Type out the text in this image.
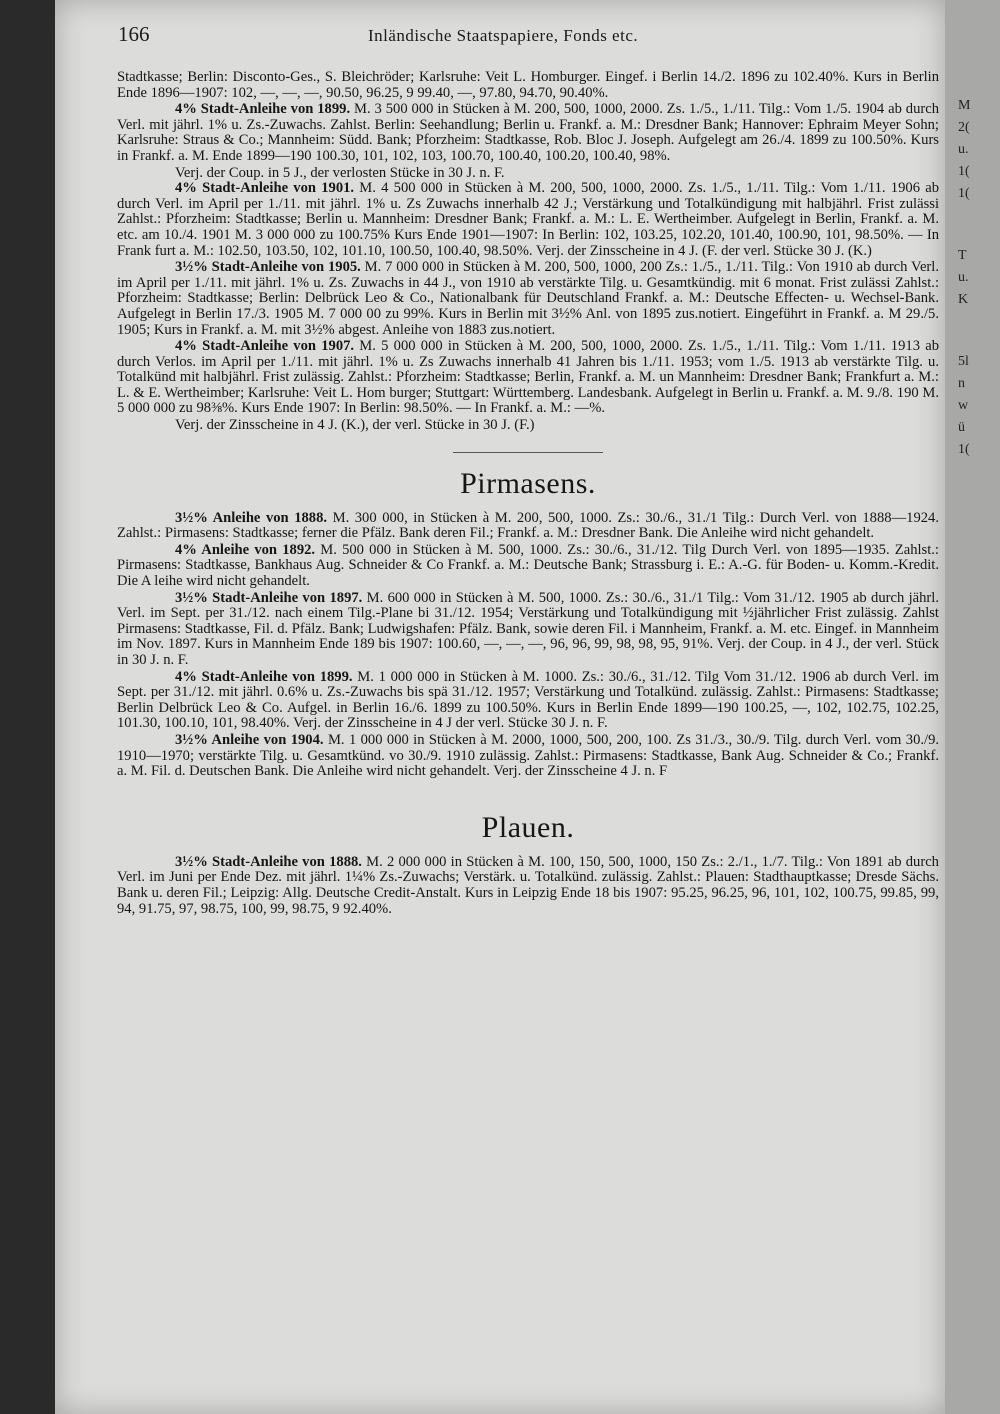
166	Inländische Staatspapiere, Fonds etc.

Stadtkasse; Berlin: Disconto-Ges., S. Bleichröder; Karlsruhe: Veit L. Homburger. Eingef. i Berlin 14./2. 1896 zu 102.40%. Kurs in Berlin Ende 1896—1907: 102, —, —, —, 90.50, 96.25, 9 99.40, —, 97.80, 94.70, 90.40%.

4% Stadt-Anleihe von 1899. M. 3 500 000 in Stücken à M. 200, 500, 1000, 2000. Zs. 1./5., 1./11. Tilg.: Vom 1./5. 1904 ab durch Verl. mit jährl. 1% u. Zs.-Zuwachs. Zahlst. Berlin: Seehandlung; Berlin u. Frankf. a. M.: Dresdner Bank; Hannover: Ephraim Meyer Sohn; Karlsruhe: Straus & Co.; Mannheim: Südd. Bank; Pforzheim: Stadtkasse, Rob. Bloc J. Joseph. Aufgelegt am 26./4. 1899 zu 100.50%. Kurs in Frankf. a. M. Ende 1899—190 100.30, 101, 102, 103, 100.70, 100.40, 100.20, 100.40, 98%.

Verj. der Coup. in 5 J., der verlosten Stücke in 30 J. n. F.

4% Stadt-Anleihe von 1901. M. 4 500 000 in Stücken à M. 200, 500, 1000, 2000. Zs. 1./5., 1./11. Tilg.: Vom 1./11. 1906 ab durch Verl. im April per 1./11. mit jährl. 1% u. Zs Zuwachs innerhalb 42 J.; Verstärkung und Totalkündigung mit halbjährl. Frist zulässi Zahlst.: Pforzheim: Stadtkasse; Berlin u. Mannheim: Dresdner Bank; Frankf. a. M.: L. E. Wertheimber. Aufgelegt in Berlin, Frankf. a. M. etc. am 10./4. 1901 M. 3 000 000 zu 100.75% Kurs Ende 1901—1907: In Berlin: 102, 103.25, 102.20, 101.40, 100.90, 101, 98.50%. — In Frank furt a. M.: 102.50, 103.50, 102, 101.10, 100.50, 100.40, 98.50%. Verj. der Zinsscheine in 4 J. (F. der verl. Stücke 30 J. (K.)

3½% Stadt-Anleihe von 1905. M. 7 000 000 in Stücken à M. 200, 500, 1000, 200 Zs.: 1./5., 1./11. Tilg.: Von 1910 ab durch Verl. im April per 1./11. mit jährl. 1% u. Zs. Zuwachs in 44 J., von 1910 ab verstärkte Tilg. u. Gesamtkündig. mit 6 monat. Frist zulässi Zahlst.: Pforzheim: Stadtkasse; Berlin: Delbrück Leo & Co., Nationalbank für Deutschland Frankf. a. M.: Deutsche Effecten- u. Wechsel-Bank. Aufgelegt in Berlin 17./3. 1905 M. 7 000 00 zu 99%. Kurs in Berlin mit 3½% Anl. von 1895 zus.notiert. Eingeführt in Frankf. a. M 29./5. 1905; Kurs in Frankf. a. M. mit 3½% abgest. Anleihe von 1883 zus.notiert.

4% Stadt-Anleihe von 1907. M. 5 000 000 in Stücken à M. 200, 500, 1000, 2000. Zs. 1./5., 1./11. Tilg.: Vom 1./11. 1913 ab durch Verlos. im April per 1./11. mit jährl. 1% u. Zs Zuwachs innerhalb 41 Jahren bis 1./11. 1953; vom 1./5. 1913 ab verstärkte Tilg. u. Totalkünd mit halbjährl. Frist zulässig. Zahlst.: Pforzheim: Stadtkasse; Berlin, Frankf. a. M. un Mannheim: Dresdner Bank; Frankfurt a. M.: L. & E. Wertheimber; Karlsruhe: Veit L. Hom burger; Stuttgart: Württemberg. Landesbank. Aufgelegt in Berlin u. Frankf. a. M. 9./8. 190 M. 5 000 000 zu 98⅜%. Kurs Ende 1907: In Berlin: 98.50%. — In Frankf. a. M.: —%.

Verj. der Zinsscheine in 4 J. (K.), der verl. Stücke in 30 J. (F.)

Pirmasens.

3½% Anleihe von 1888. M. 300 000, in Stücken à M. 200, 500, 1000. Zs.: 30./6., 31./1 Tilg.: Durch Verl. von 1888—1924. Zahlst.: Pirmasens: Stadtkasse; ferner die Pfälz. Bank deren Fil.; Frankf. a. M.: Dresdner Bank. Die Anleihe wird nicht gehandelt.

4% Anleihe von 1892. M. 500 000 in Stücken à M. 500, 1000. Zs.: 30./6., 31./12. Tilg Durch Verl. von 1895—1935. Zahlst.: Pirmasens: Stadtkasse, Bankhaus Aug. Schneider & Co Frankf. a. M.: Deutsche Bank; Strassburg i. E.: A.-G. für Boden- u. Komm.-Kredit. Die A leihe wird nicht gehandelt.

3½% Stadt-Anleihe von 1897. M. 600 000 in Stücken à M. 500, 1000. Zs.: 30./6., 31./1 Tilg.: Vom 31./12. 1905 ab durch jährl. Verl. im Sept. per 31./12. nach einem Tilg.-Plane bi 31./12. 1954; Verstärkung und Totalkündigung mit ½jährlicher Frist zulässig. Zahlst Pirmasens: Stadtkasse, Fil. d. Pfälz. Bank; Ludwigshafen: Pfälz. Bank, sowie deren Fil. i Mannheim, Frankf. a. M. etc. Eingef. in Mannheim im Nov. 1897. Kurs in Mannheim Ende 189 bis 1907: 100.60, —, —, —, 96, 96, 99, 98, 98, 95, 91%. Verj. der Coup. in 4 J., der verl. Stück in 30 J. n. F.

4% Stadt-Anleihe von 1899. M. 1 000 000 in Stücken à M. 1000. Zs.: 30./6., 31./12. Tilg Vom 31./12. 1906 ab durch Verl. im Sept. per 31./12. mit jährl. 0.6% u. Zs.-Zuwachs bis spä 31./12. 1957; Verstärkung und Totalkünd. zulässig. Zahlst.: Pirmasens: Stadtkasse; Berlin Delbrück Leo & Co. Aufgel. in Berlin 16./6. 1899 zu 100.50%. Kurs in Berlin Ende 1899—190 100.25, —, 102, 102.75, 102.25, 101.30, 100.10, 101, 98.40%. Verj. der Zinsscheine in 4 J der verl. Stücke 30 J. n. F.

3½% Anleihe von 1904. M. 1 000 000 in Stücken à M. 2000, 1000, 500, 200, 100. Zs 31./3., 30./9. Tilg. durch Verl. vom 30./9. 1910—1970; verstärkte Tilg. u. Gesamtkünd. vo 30./9. 1910 zulässig. Zahlst.: Pirmasens: Stadtkasse, Bank Aug. Schneider & Co.; Frankf. a. M. Fil. d. Deutschen Bank. Die Anleihe wird nicht gehandelt. Verj. der Zinsscheine 4 J. n. F

Plauen.

3½% Stadt-Anleihe von 1888. M. 2 000 000 in Stücken à M. 100, 150, 500, 1000, 150 Zs.: 2./1., 1./7. Tilg.: Von 1891 ab durch Verl. im Juni per Ende Dez. mit jährl. 1¼% Zs.-Zuwachs; Verstärk. u. Totalkünd. zulässig. Zahlst.: Plauen: Stadthauptkasse; Dresde Sächs. Bank u. deren Fil.; Leipzig: Allg. Deutsche Credit-Anstalt. Kurs in Leipzig Ende 18 bis 1907: 95.25, 96.25, 96, 101, 102, 100.75, 99.85, 99, 94, 91.75, 97, 98.75, 100, 99, 98.75, 9 92.40%.

M
2(
u.
1(
1(
T
u.
K
5l
n
w
ü
1(
